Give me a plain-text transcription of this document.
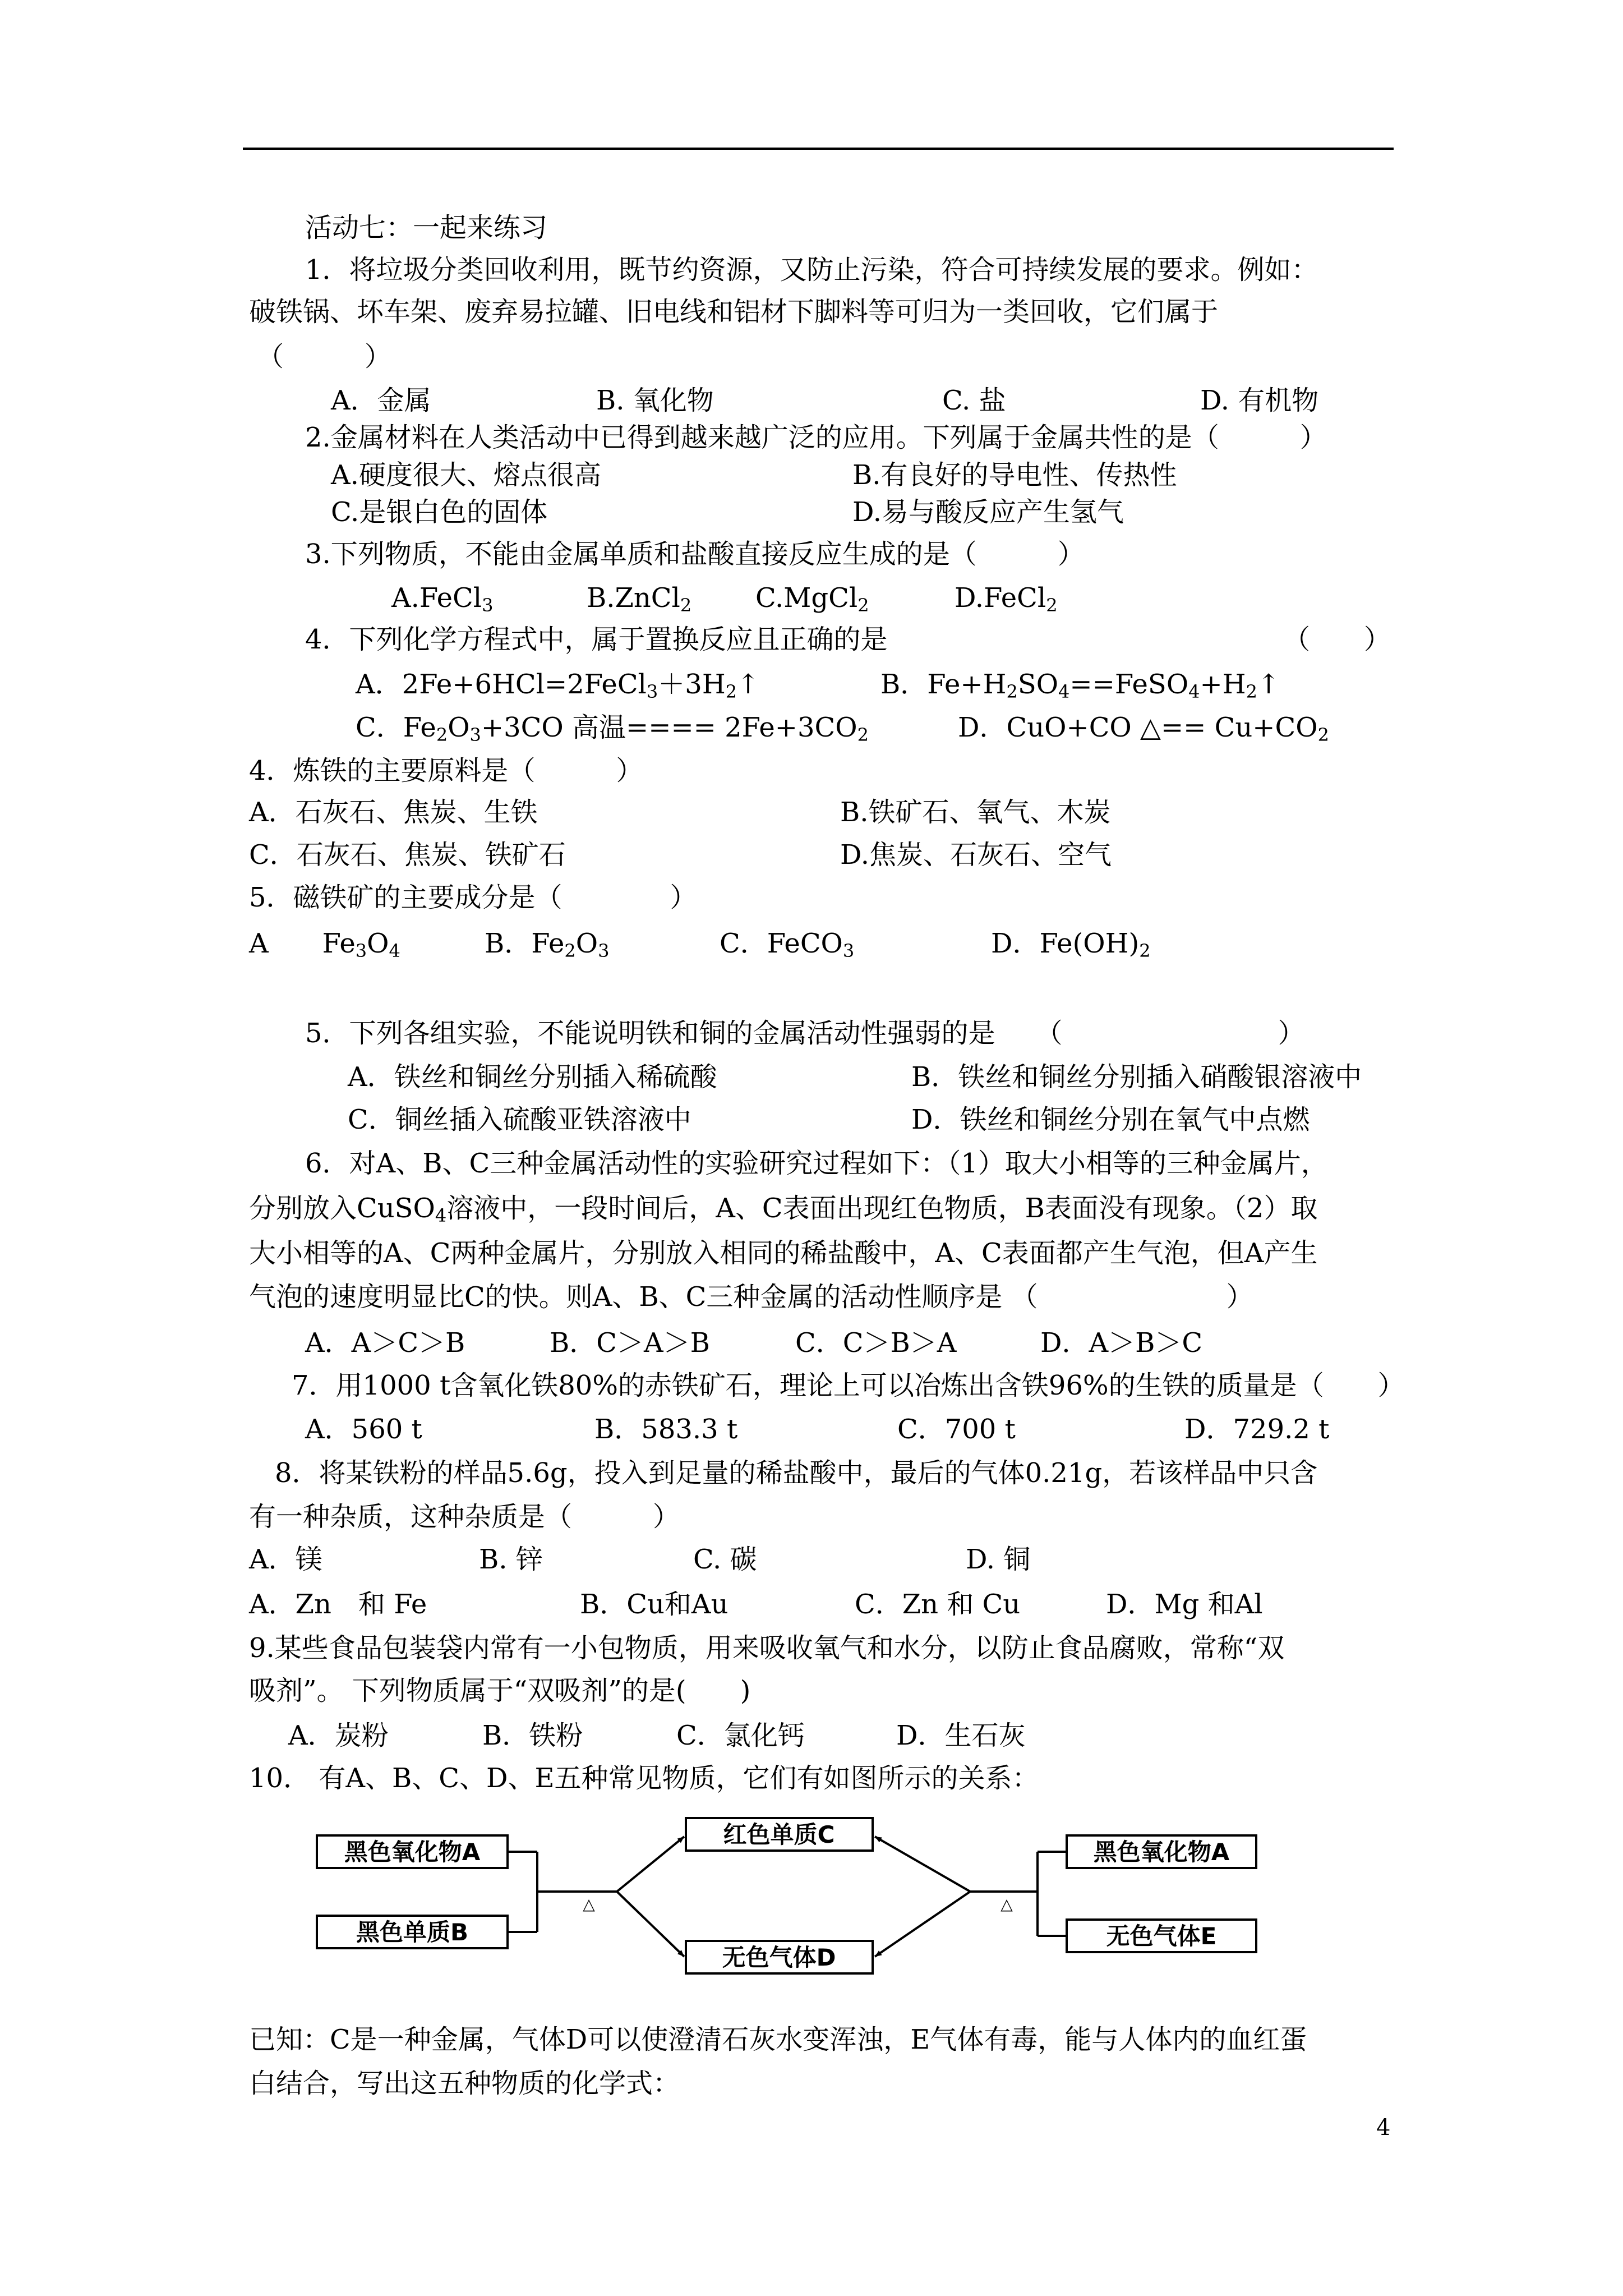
活动七：一起来练习
1．将垃圾分类回收利用，既节约资源，又防止污染，符合可持续发展的要求。例如：
破铁锅、坏车架、废弃易拉罐、旧电线和铝材下脚料等可归为一类回收，它们属于
（　　　）
A．金属	B. 氧化物	C. 盐	D. 有机物
2.金属材料在人类活动中已得到越来越广泛的应用。下列属于金属共性的是（　　　）
A.硬度很大、熔点很高	B.有良好的导电性、传热性
C.是银白色的固体	D.易与酸反应产生氢气
3.下列物质，不能由金属单质和盐酸直接反应生成的是（　　　）
A.FeCl$_3$	B.ZnCl$_2$ C.MgCl$_2$	D.FeCl$_2$
4．下列化学方程式中，属于置换反应且正确的是	（　　）
A．$2Fe+6HCl=2FeCl_3+3H_2↑$	B．$Fe+H_2SO_4==FeSO_4+H_2↑$
C．$Fe_2O_3+3CO$ 高温==== $2Fe+3CO_2$	D．CuO+CO △== $Cu+CO_2$
4．炼铁的主要原料是（　　　）
A．石灰石、焦炭、生铁	B.铁矿石、氧气、木炭
C．石灰石、焦炭、铁矿石	D.焦炭、石灰石、空气
5．磁铁矿的主要成分是（　　　　）
A　　$Fe_3O_4$	B．$Fe_2O_3$	C．FeCO$_3$	D．$Fe(OH)_2$
5．下列各组实验，不能说明铁和铜的金属活动性强弱的是　　（　　　　　　　　）
A．铁丝和铜丝分别插入稀硫酸	B．铁丝和铜丝分别插入硝酸银溶液中
C．铜丝插入硫酸亚铁溶液中	D．铁丝和铜丝分别在氧气中点燃
6．对A、B、C三种金属活动性的实验研究过程如下：（1）取大小相等的三种金属片，
分别放入CuSO$_4$溶液中，一段时间后，A、C表面出现红色物质，B表面没有现象。（2）取
大小相等的A、C两种金属片，分别放入相同的稀盐酸中，A、C表面都产生气泡，但A产生
气泡的速度明显比C的快。则A、B、C三种金属的活动性顺序是 （　　　　　　　）
A．A＞C＞B	B．C＞A＞B	C．C＞B＞A	D．A＞B＞C
7．用1000 t含氧化铁80%的赤铁矿石，理论上可以冶炼出含铁96%的生铁的质量是（　　）
A．560 t	B．583.3 t	C．700 t	D．729.2 t
8．将某铁粉的样品5.6g，投入到足量的稀盐酸中，最后的气体0.21g，若该样品中只含
有一种杂质，这种杂质是（　　　）
A．镁	B. 锌	C. 碳	D. 铜
A．Zn　和 Fe	B．Cu和Au	C．Zn 和 Cu	D．Mg 和Al
9.某些食品包装袋内常有一小包物质，用来吸收氧气和水分，以防止食品腐败，常称“双
吸剂”。 下列物质属于“双吸剂”的是(　　)
A．炭粉	B．铁粉	C．氯化钙	D．生石灰
10． 有A、B、C、D、E五种常见物质，它们有如图所示的关系：
黑色氧化物A
黑色单质B
红色单质C
无色气体D
黑色氧化物A
无色气体E
△	△
已知：C是一种金属，气体D可以使澄清石灰水变浑浊，E气体有毒，能与人体内的血红蛋
白结合，写出这五种物质的化学式：
4
